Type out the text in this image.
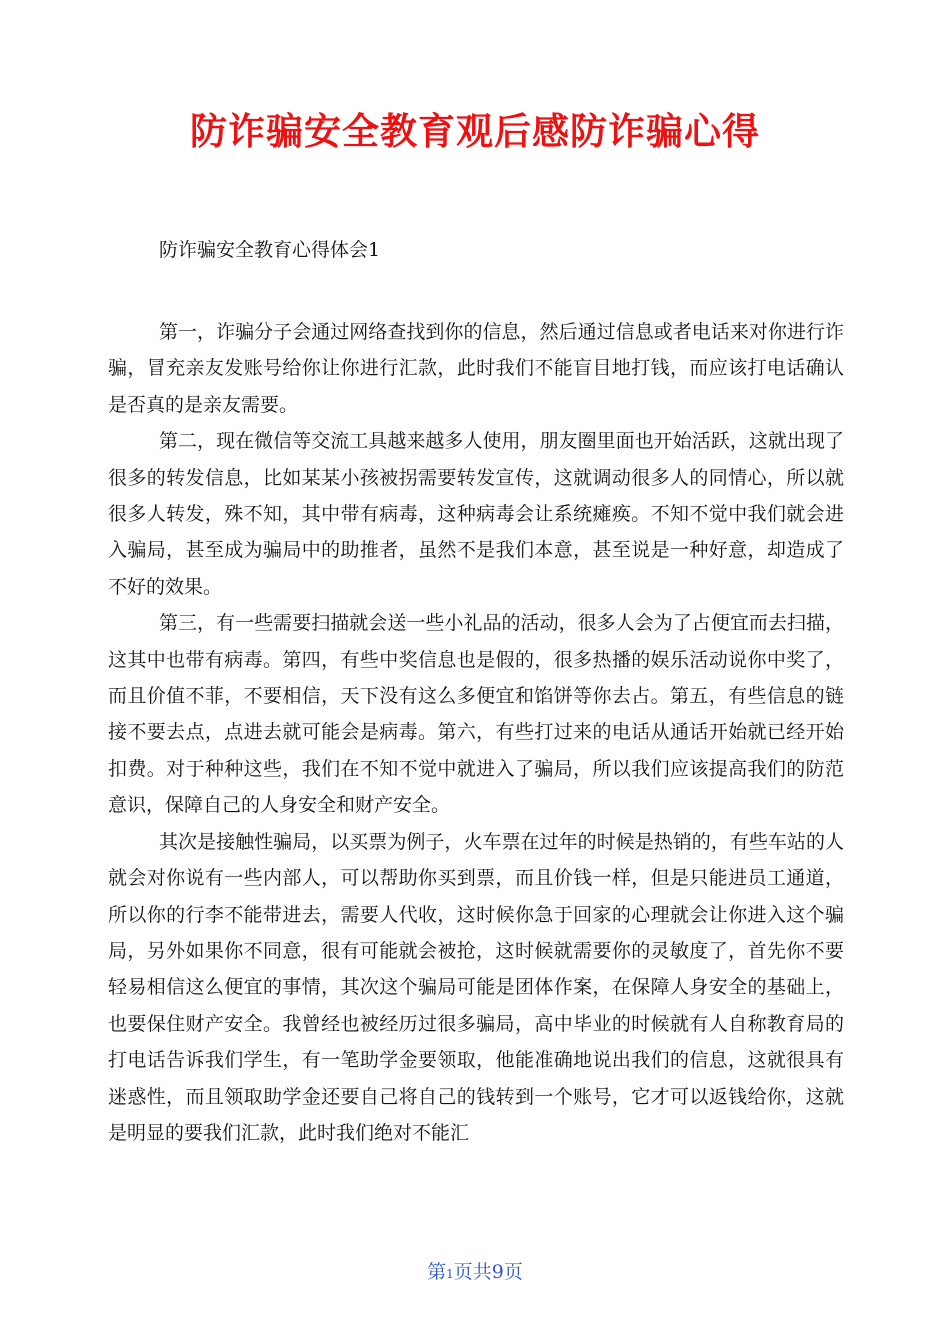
防诈骗安全教育观后感防诈骗心得
防诈骗安全教育心得体会1

第一，诈骗分子会通过网络查找到你的信息，然后通过信息或者电话来对你进行诈骗，冒充亲友发账号给你让你进行汇款，此时我们不能盲目地打钱，而应该打电话确认是否真的是亲友需要。

第二，现在微信等交流工具越来越多人使用，朋友圈里面也开始活跃，这就出现了很多的转发信息，比如某某小孩被拐需要转发宣传，这就调动很多人的同情心，所以就很多人转发，殊不知，其中带有病毒，这种病毒会让系统瘫痪。不知不觉中我们就会进入骗局，甚至成为骗局中的助推者，虽然不是我们本意，甚至说是一种好意，却造成了不好的效果。

第三，有一些需要扫描就会送一些小礼品的活动，很多人会为了占便宜而去扫描，这其中也带有病毒。第四，有些中奖信息也是假的，很多热播的娱乐活动说你中奖了，而且价值不菲，不要相信，天下没有这么多便宜和馅饼等你去占。第五，有些信息的链接不要去点，点进去就可能会是病毒。第六，有些打过来的电话从通话开始就已经开始扣费。对于种种这些，我们在不知不觉中就进入了骗局，所以我们应该提高我们的防范意识，保障自己的人身安全和财产安全。

其次是接触性骗局，以买票为例子，火车票在过年的时候是热销的，有些车站的人就会对你说有一些内部人，可以帮助你买到票，而且价钱一样，但是只能进员工通道，所以你的行李不能带进去，需要人代收，这时候你急于回家的心理就会让你进入这个骗局，另外如果你不同意，很有可能就会被抢，这时候就需要你的灵敏度了，首先你不要轻易相信这么便宜的事情，其次这个骗局可能是团体作案，在保障人身安全的基础上，也要保住财产安全。我曾经也被经历过很多骗局，高中毕业的时候就有人自称教育局的打电话告诉我们学生，有一笔助学金要领取，他能准确地说出我们的信息，这就很具有迷惑性，而且领取助学金还要自己将自己的钱转到一个账号，它才可以返钱给你，这就是明显的要我们汇款，此时我们绝对不能汇

第1页共9页
